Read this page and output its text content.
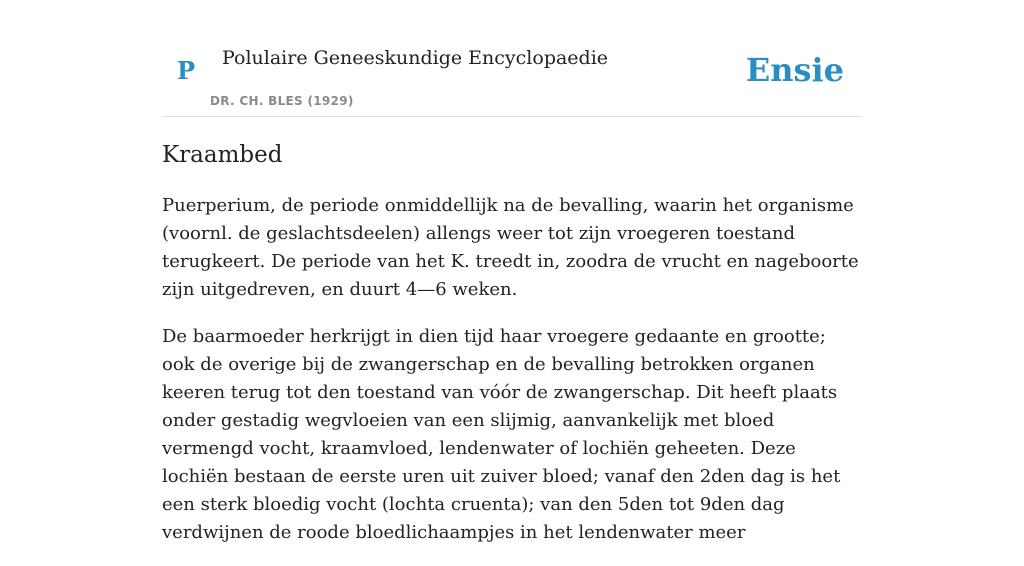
P Polulaire Geneeskundige Encyclopaedie
DR. CH. BLES (1929)
Ensie
Kraambed

Puerperium, de periode onmiddellijk na de bevalling, waarin het organisme (voornl. de geslachtsdeelen) allengs weer tot zijn vroegeren toestand terugkeert. De periode van het K. treedt in, zoodra de vrucht en nageboorte zijn uitgedreven, en duurt 4—6 weken.

De baarmoeder herkrijgt in dien tijd haar vroegere gedaante en grootte; ook de overige bij de zwangerschap en de bevalling betrokken organen keeren terug tot den toestand van vóór de zwangerschap. Dit heeft plaats onder gestadig wegvloeien van een slijmig, aanvankelijk met bloed vermengd vocht, kraamvloed, lendenwater of lochiën geheeten. Deze lochiën bestaan de eerste uren uit zuiver bloed; vanaf den 2den dag is het een sterk bloedig vocht (lochta cruenta); van den 5den tot 9den dag verdwijnen de roode bloedlichaampjes in het lendenwater meer
